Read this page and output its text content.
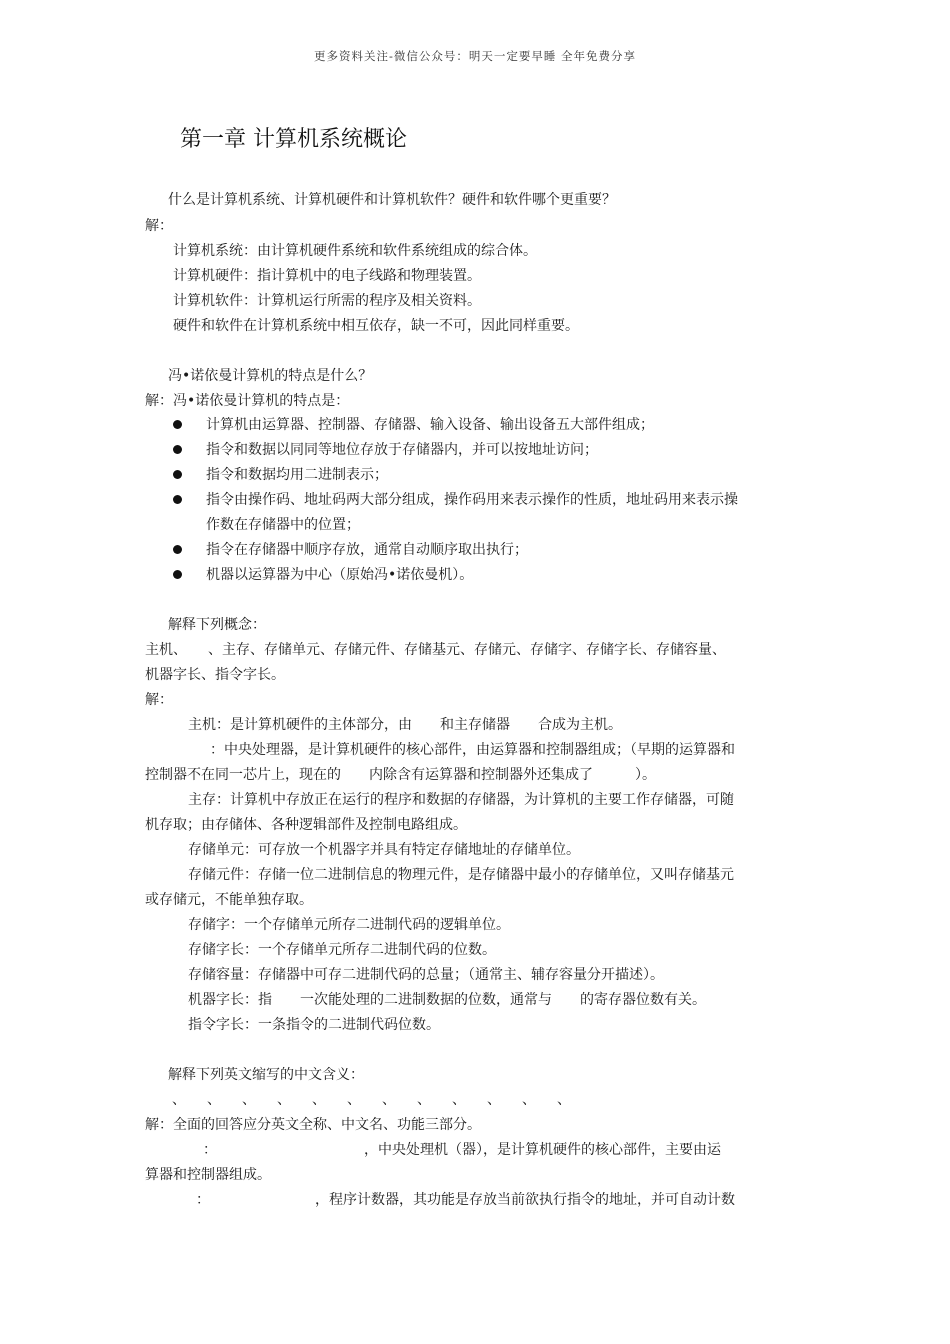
更多资料关注-微信公众号：明天一定要早睡 全年免费分享
第一章 计算机系统概论
什么是计算机系统、计算机硬件和计算机软件？硬件和软件哪个更重要？
解：
计算机系统：由计算机硬件系统和软件系统组成的综合体。
计算机硬件：指计算机中的电子线路和物理装置。
计算机软件：计算机运行所需的程序及相关资料。
硬件和软件在计算机系统中相互依存，缺一不可，因此同样重要。
冯•诺依曼计算机的特点是什么？
解：冯•诺依曼计算机的特点是：
计算机由运算器、控制器、存储器、输入设备、输出设备五大部件组成；
指令和数据以同同等地位存放于存储器内，并可以按地址访问；
指令和数据均用二进制表示；
指令由操作码、地址码两大部分组成，操作码用来表示操作的性质，地址码用来表示操
作数在存储器中的位置；
指令在存储器中顺序存放，通常自动顺序取出执行；
机器以运算器为中心（原始冯•诺依曼机）。
解释下列概念：
主机、　　、主存、存储单元、存储元件、存储基元、存储元、存储字、存储字长、存储容量、
机器字长、指令字长。
解：
主机：是计算机硬件的主体部分，由　　和主存储器　　合成为主机。
：中央处理器，是计算机硬件的核心部件，由运算器和控制器组成；（早期的运算器和
控制器不在同一芯片上，现在的　　内除含有运算器和控制器外还集成了　　　）。
主存：计算机中存放正在运行的程序和数据的存储器，为计算机的主要工作存储器，可随
机存取；由存储体、各种逻辑部件及控制电路组成。
存储单元：可存放一个机器字并具有特定存储地址的存储单位。
存储元件：存储一位二进制信息的物理元件，是存储器中最小的存储单位，又叫存储基元
或存储元，不能单独存取。
存储字：一个存储单元所存二进制代码的逻辑单位。
存储字长：一个存储单元所存二进制代码的位数。
存储容量：存储器中可存二进制代码的总量；（通常主、辅存容量分开描述）。
机器字长：指　　一次能处理的二进制数据的位数，通常与　　的寄存器位数有关。
指令字长：一条指令的二进制代码位数。
解释下列英文缩写的中文含义：
、　　、　　、　　、　　、　　、　　、　　、　　、　　、　　、　　、
解：全面的回答应分英文全称、中文名、功能三部分。
：　　　　　　　　　　　，中央处理机（器），是计算机硬件的核心部件，主要由运
算器和控制器组成。
：　　　　　　　　，程序计数器，其功能是存放当前欲执行指令的地址，并可自动计数
